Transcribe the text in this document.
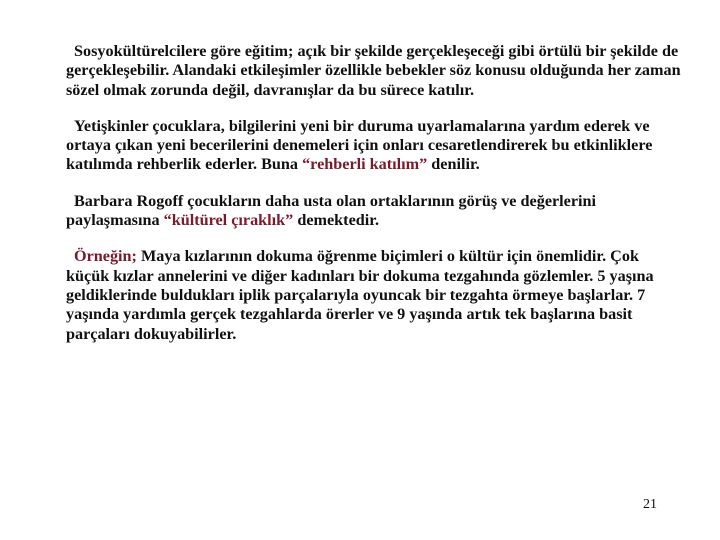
Sosyokültürelcilere göre eğitim; açık bir şekilde gerçekleşeceği gibi örtülü bir şekilde de gerçekleşebilir. Alandaki etkileşimler özellikle bebekler söz konusu olduğunda her zaman sözel olmak zorunda değil, davranışlar da bu sürece katılır.

Yetişkinler çocuklara, bilgilerini yeni bir duruma uyarlamalarına yardım ederek ve ortaya çıkan yeni becerilerini denemeleri için onları cesaretlendirerek bu etkinliklere katılımda rehberlik ederler. Buna “rehberli katılım” denilir.

Barbara Rogoff çocukların daha usta olan ortaklarının görüş ve değerlerini paylaşmasına “kültürel çıraklık” demektedir.

Örneğin; Maya kızlarının dokuma öğrenme biçimleri o kültür için önemlidir. Çok küçük kızlar annelerini ve diğer kadınları bir dokuma tezgahında gözlemler. 5 yaşına geldiklerinde buldukları iplik parçalarıyla oyuncak bir tezgahta örmeye başlarlar. 7 yaşında yardımla gerçek tezgahlarda örerler ve 9 yaşında artık tek başlarına basit parçaları dokuyabilirler.

21
